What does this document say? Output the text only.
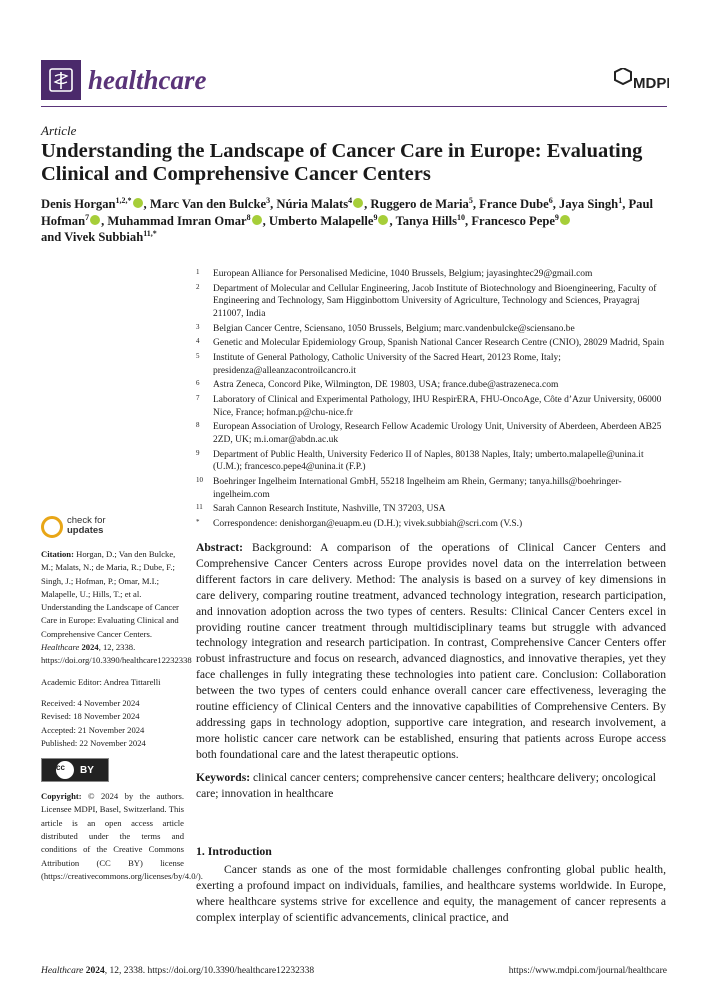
healthcare	MDPI
Article
Understanding the Landscape of Cancer Care in Europe: Evaluating Clinical and Comprehensive Cancer Centers
Denis Horgan$^{1,2,*}$ , Marc Van den Bulcke$^3$, Núria Malats$^4$ , Ruggero de Maria$^5$, France Dube$^6$, Jaya Singh$^1$, Paul Hofman$^7$ , Muhammad Imran Omar$^8$ , Umberto Malapelle$^9$ , Tanya Hills$^{10}$, Francesco Pepe$^9$
and Vivek Subbiah$^{11,*}$
1 European Alliance for Personalised Medicine, 1040 Brussels, Belgium; jayasinghtec29@gmail.com
2 Department of Molecular and Cellular Engineering, Jacob Institute of Biotechnology and Bioengineering, Faculty of Engineering and Technology, Sam Higginbottom University of Agriculture, Technology and Sciences, Prayagraj 211007, India
3 Belgian Cancer Centre, Sciensano, 1050 Brussels, Belgium; marc.vandenbulcke@sciensano.be
4 Genetic and Molecular Epidemiology Group, Spanish National Cancer Research Centre (CNIO), 28029 Madrid, Spain
5 Institute of General Pathology, Catholic University of the Sacred Heart, 20123 Rome, Italy; presidenza@alleanzacontroilcancro.it
6 Astra Zeneca, Concord Pike, Wilmington, DE 19803, USA; france.dube@astrazeneca.com
7 Laboratory of Clinical and Experimental Pathology, IHU RespirERA, FHU-OncoAge, Côte d’Azur University, 06000 Nice, France; hofman.p@chu-nice.fr
8 European Association of Urology, Research Fellow Academic Urology Unit, University of Aberdeen, Aberdeen AB25 2ZD, UK; m.i.omar@abdn.ac.uk
9 Department of Public Health, University Federico II of Naples, 80138 Naples, Italy; umberto.malapelle@unina.it (U.M.); francesco.pepe4@unina.it (F.P.)
10 Boehringer Ingelheim International GmbH, 55218 Ingelheim am Rhein, Germany; tanya.hills@boehringer-ingelheim.com
11 Sarah Cannon Research Institute, Nashville, TN 37203, USA
* Correspondence: denishorgan@euapm.eu (D.H.); vivek.subbiah@scri.com (V.S.)
check for
updates
Citation: Horgan, D.; Van den Bulcke, M.; Malats, N.; de Maria, R.; Dube, F.; Singh, J.; Hofman, P.; Omar, M.I.; Malapelle, U.; Hills, T.; et al. Understanding the Landscape of Cancer Care in Europe: Evaluating Clinical and Comprehensive Cancer Centers. Healthcare 2024, 12, 2338. https://doi.org/10.3390/healthcare12232338
Academic Editor: Andrea Tittarelli
Received: 4 November 2024
Revised: 18 November 2024
Accepted: 21 November 2024
Published: 22 November 2024
cc	BY
Copyright: © 2024 by the authors. Licensee MDPI, Basel, Switzerland. This article is an open access article distributed under the terms and conditions of the Creative Commons Attribution (CC BY) license (https://creativecommons.org/licenses/by/4.0/).
Abstract: Background: A comparison of the operations of Clinical Cancer Centers and Comprehensive Cancer Centers across Europe provides novel data on the interrelation between different factors in care delivery. Method: The analysis is based on a survey of key dimensions in care delivery, comparing routine treatment, advanced technology integration, research participation, and innovation adoption across the two types of centers. Results: Clinical Cancer Centers excel in providing routine cancer treatment through multidisciplinary teams but struggle with advanced technology integration and research participation. In contrast, Comprehensive Cancer Centers offer robust infrastructure and focus on research, advanced diagnostics, and innovative therapies, yet they face challenges in fully integrating these technologies into patient care. Conclusion: Collaboration between the two types of centers could enhance overall cancer care effectiveness, leveraging the routine efficiency of Clinical Centers and the innovative capabilities of Comprehensive Centers. By addressing gaps in technology adoption, supportive care integration, and research involvement, a more holistic cancer care network can be established, ensuring that patients across Europe access both foundational care and the latest therapeutic options.
Keywords: clinical cancer centers; comprehensive cancer centers; healthcare delivery; oncological care; innovation in healthcare
1. Introduction
Cancer stands as one of the most formidable challenges confronting global public health, exerting a profound impact on individuals, families, and healthcare systems worldwide. In Europe, where healthcare systems strive for excellence and equity, the management of cancer represents a complex interplay of scientific advancements, clinical practice, and
Healthcare 2024, 12, 2338. https://doi.org/10.3390/healthcare12232338	https://www.mdpi.com/journal/healthcare
